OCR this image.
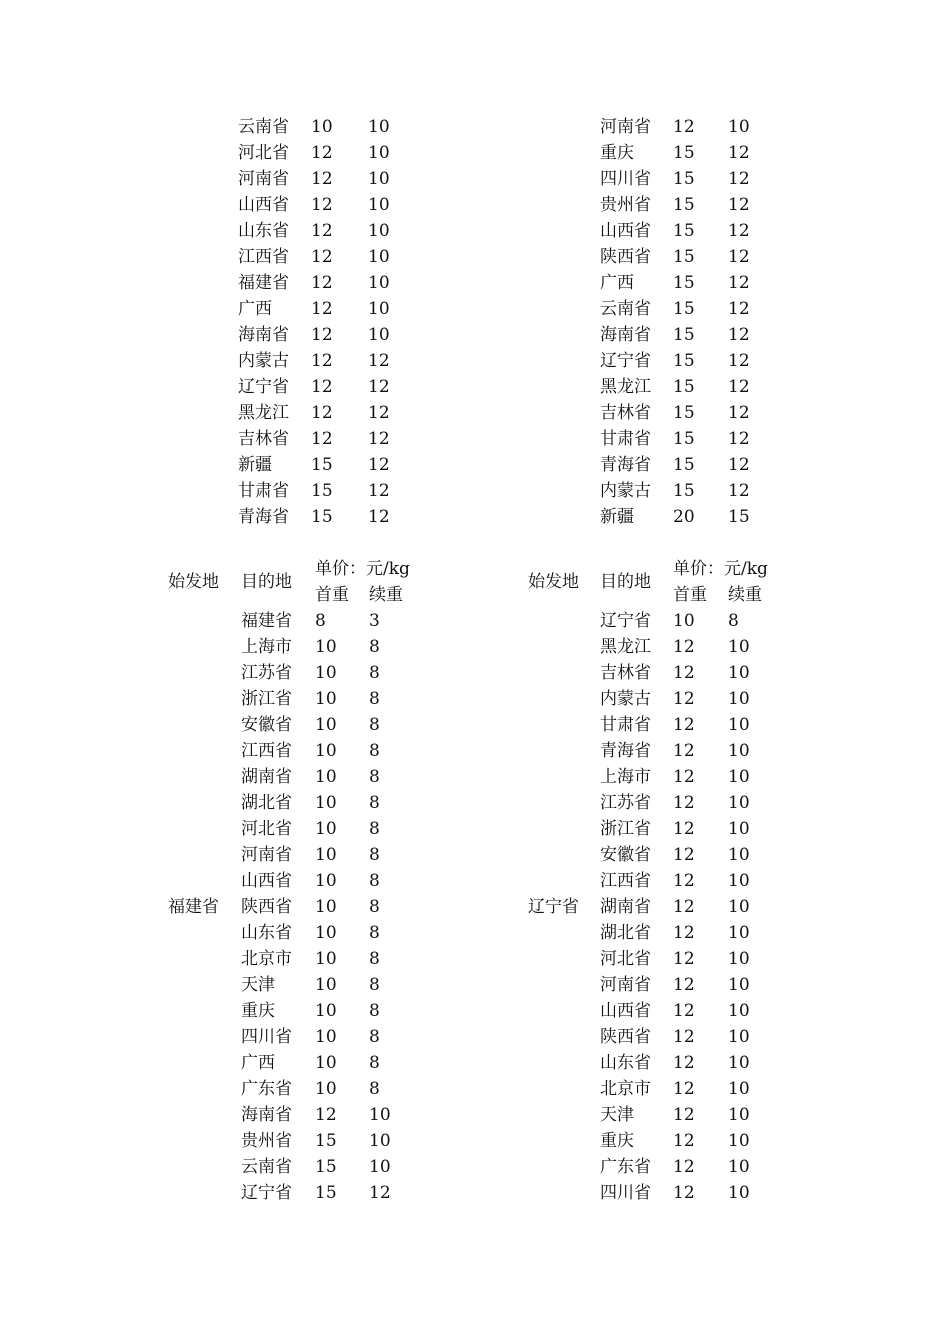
云南省 10 10
河北省 12 10
河南省 12 10
山西省 12 10
山东省 12 10
江西省 12 10
福建省 12 10
广西 12 10
海南省 12 10
内蒙古 12 12
辽宁省 12 12
黑龙江 12 12
吉林省 12 12
新疆 15 12
甘肃省 15 12
青海省 15 12
河南省 12 10
重庆 15 12
四川省 15 12
贵州省 15 12
山西省 15 12
陕西省 15 12
广西 15 12
云南省 15 12
海南省 15 12
辽宁省 15 12
黑龙江 15 12
吉林省 15 12
甘肃省 15 12
青海省 15 12
内蒙古 15 12
新疆 20 15
始发地 目的地
单价：元/kg
首重 续重
福建省
福建省 8	3
上海市 10 8
江苏省 10 8
浙江省 10 8
安徽省 10 8
江西省 10 8
湖南省 10 8
湖北省 10 8
河北省 10 8
河南省 10 8
山西省 10 8
陕西省 10 8
山东省 10 8
北京市 10 8
天津 10 8
重庆 10 8
四川省 10 8
广西 10 8
广东省 10 8
海南省 12 10
贵州省 15 10
云南省 15 10
辽宁省 15 12
始发地 目的地
单价：元/kg
首重 续重
辽宁省
辽宁省 10 8
黑龙江 12 10
吉林省 12 10
内蒙古 12 10
甘肃省 12 10
青海省 12 10
上海市 12 10
江苏省 12 10
浙江省 12 10
安徽省 12 10
江西省 12 10
湖南省 12 10
湖北省 12 10
河北省 12 10
河南省 12 10
山西省 12 10
陕西省 12 10
山东省 12 10
北京市 12 10
天津 12 10
重庆 12 10
广东省 12 10
四川省 12 10
